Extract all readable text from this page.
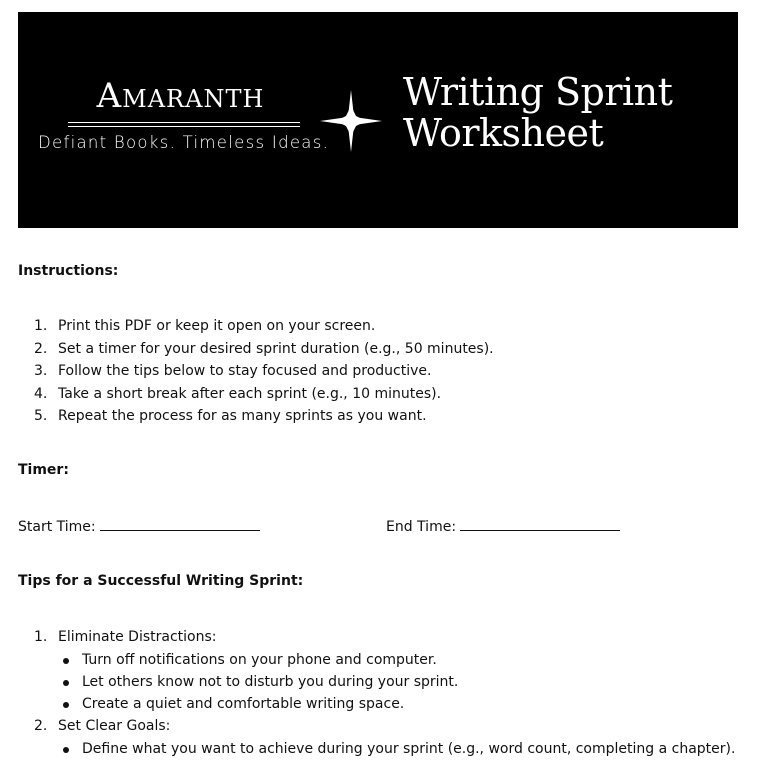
Amaranth
Defiant Books. Timeless Ideas.
Writing Sprint
Worksheet
Instructions:
1. Print this PDF or keep it open on your screen.
2. Set a timer for your desired sprint duration (e.g., 50 minutes).
3. Follow the tips below to stay focused and productive.
4. Take a short break after each sprint (e.g., 10 minutes).
5. Repeat the process for as many sprints as you want.
Timer:
Start Time:	End Time:
Tips for a Successful Writing Sprint:
1. Eliminate Distractions:
Turn off notifications on your phone and computer.
Let others know not to disturb you during your sprint.
Create a quiet and comfortable writing space.
2. Set Clear Goals:
Define what you want to achieve during your sprint (e.g., word count, completing a chapter).
